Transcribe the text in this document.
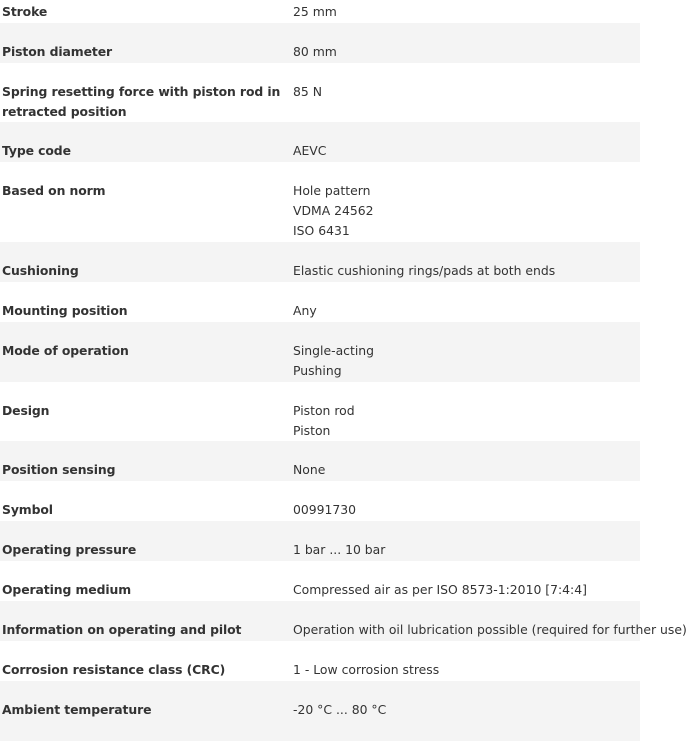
Stroke	25 mm
Piston diameter	80 mm
Spring resetting force with piston rod in retracted position
85 N
Type code	AEVC
Based on norm	Hole pattern
VDMA 24562
ISO 6431
Cushioning	Elastic cushioning rings/pads at both ends
Mounting position	Any
Mode of operation	Single-acting
Pushing
Design	Piston rod
Piston
Position sensing	None
Symbol	00991730
Operating pressure	1 bar ... 10 bar
Operating medium	Compressed air as per ISO 8573-1:2010 [7:4:4]
Information on operating and pilot	Operation with oil lubrication possible (required for further use)
Corrosion resistance class (CRC)	1 - Low corrosion stress
Ambient temperature	-20 °C ... 80 °C
